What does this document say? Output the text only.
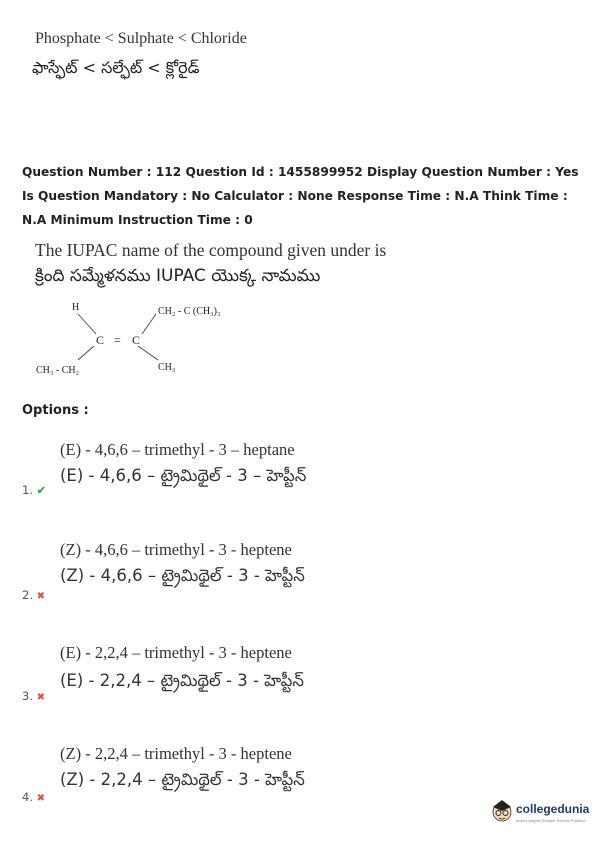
Phosphate < Sulphate < Chloride
ఫాస్ఫేట్ < సల్ఫేట్ < క్లోరైడ్
Question Number : 112 Question Id : 1455899952 Display Question Number : Yes Is Question Mandatory : No Calculator : None Response Time : N.A Think Time : N.A Minimum Instruction Time : 0
The IUPAC name of the compound given under is
క్రింది సమ్మేళనము IUPAC యొక్క నామము
H	CH₂ - C (CH₃)₃
C = C
CH₃ - CH₂	CH₃
Options :
(E) - 4,6,6 – trimethyl - 3 – heptane
(E) - 4,6,6 – ట్రైమిథైల్ - 3 – హెప్టీన్
1. ✔
(Z) - 4,6,6 – trimethyl - 3 - heptene
(Z) - 4,6,6 – ట్రైమిథైల్ - 3 - హెప్టీన్
2. ✖
(E) - 2,2,4 – trimethyl - 3 - heptene
(E) - 2,2,4 – ట్రైమిథైల్ - 3 - హెప్టీన్
3. ✖
(Z) - 2,2,4 – trimethyl - 3 - heptene
(Z) - 2,2,4 – ట్రైమిథైల్ - 3 - హెప్టీన్
4. ✖
collegedunia
India's largest Student Review Platform
